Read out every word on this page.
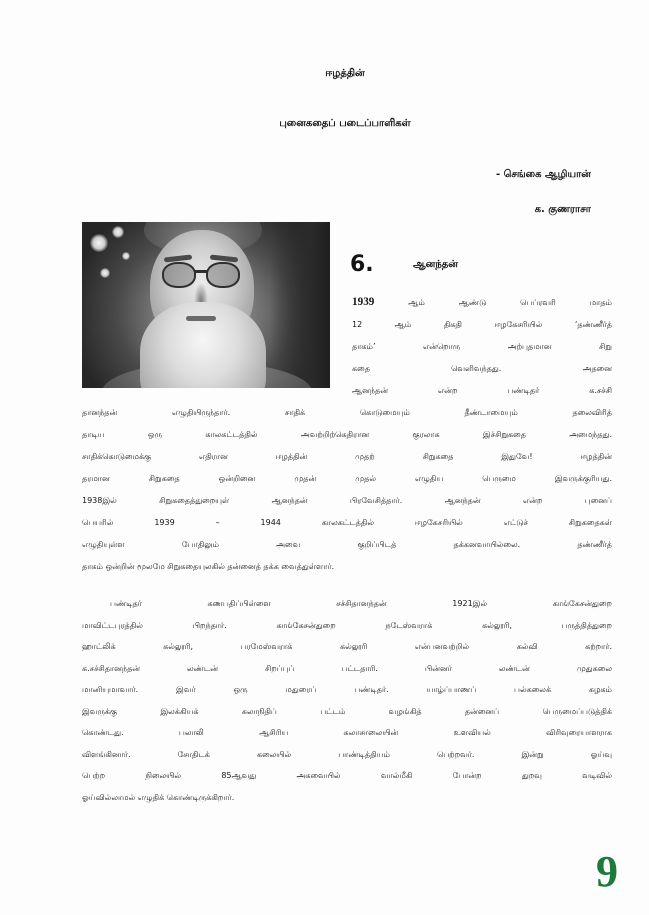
ஈழத்தின்
புனைகதைப் படைப்பாளிகள்
- செங்கை ஆழியான்
க. குணராசா
6.	ஆனந்தன்
1939	ஆம் ஆண்டு பெப்ரவரி மாதம்
12 ஆம் திகதி ஈழகேசரியில் ‘தண்ணீர்த்
தாகம்’ என்றொரு அற்புதமான சிறு
கதை வெளிவந்தது. அதனை
ஆனந்தன் என்ற பண்டிதர் க.சச்சி
தானந்தன் எழுதியிருந்தார். சாதிக் கொடுமையும் தீண்டாமையும் தலைவிரித்
தாடிய ஒரு காலகட்டத்தில் அவற்றிற்கெதிரான குரலாக இச்சிறுகதை அமைந்தது.
சாதிக்கொடுமைக்கு எதிரான ஈழத்தின் முதற் சிறுகதை இதுவே! ஈழத்தின்
தரமான சிறுகதை ஒன்றினை முதன் முதல் எழுதிய பெருமை இவருக்குரியது.
1938இல் சிறுகதைத்துறையுள் ஆனந்தன் பிரவேசித்தார். ஆனந்தன் என்ற புனைப்
பெயரில் 1939 – 1944 காலகட்டத்தில் ஈழகேசரியில் எட்டுச் சிறுகதைகள்
எழுதியுள்ள போதிலும் அவை குறிப்பிடத் தக்கனவாயில்லை. தண்ணீர்த்
தாகம் ஒன்றின் மூலமே சிறுகதையுலகில் தன்னைத் தக்க வைத்துள்ளார்.
பண்டிதர் கணபதிப்பிள்ளை சச்சிதானந்தன் 1921இல் காங்கேசன்துறை
மாவிட்டபுரத்தில் பிறந்தார். காங்கேசன்துறை நடேஸ்வராக் கல்லூரி, பருத்தித்துறை
ஹாட்லிக் கல்லூரி, பரமேஸ்வராக் கல்லூரி என்பனவற்றில் கல்வி கற்றார்.
க.சச்சிதானந்தன் லண்டன் சிறப்புப் பட்டதாரி. பின்னர் லண்டன் முதுகலை
மானியுமாவார். இவர் ஒரு மதுரைப் பண்டிதர். யாழ்ப்பாணப் பல்கலைக் கழகம்
இவருக்கு இலக்கியக் கலாநிதிப் பட்டம் வழங்கித் தன்னைப் பெருமைப்படுத்திக்
கொண்டது. பலாலி ஆசிரிய கலாசாலையின் உளவியல் விரிவுரையாளராக
விளங்கினார். சோதிடக் கலையில் பாண்டித்தியம் பெற்றவர். இன்று ஓய்வு
பெற்ற நிலையில் 85ஆவது அகவையில் வால்மீகி போன்ற துறவு வடிவில்
ஓய்வில்லாமல் எழுதிக் கொண்டிருக்கிறார்.
9
